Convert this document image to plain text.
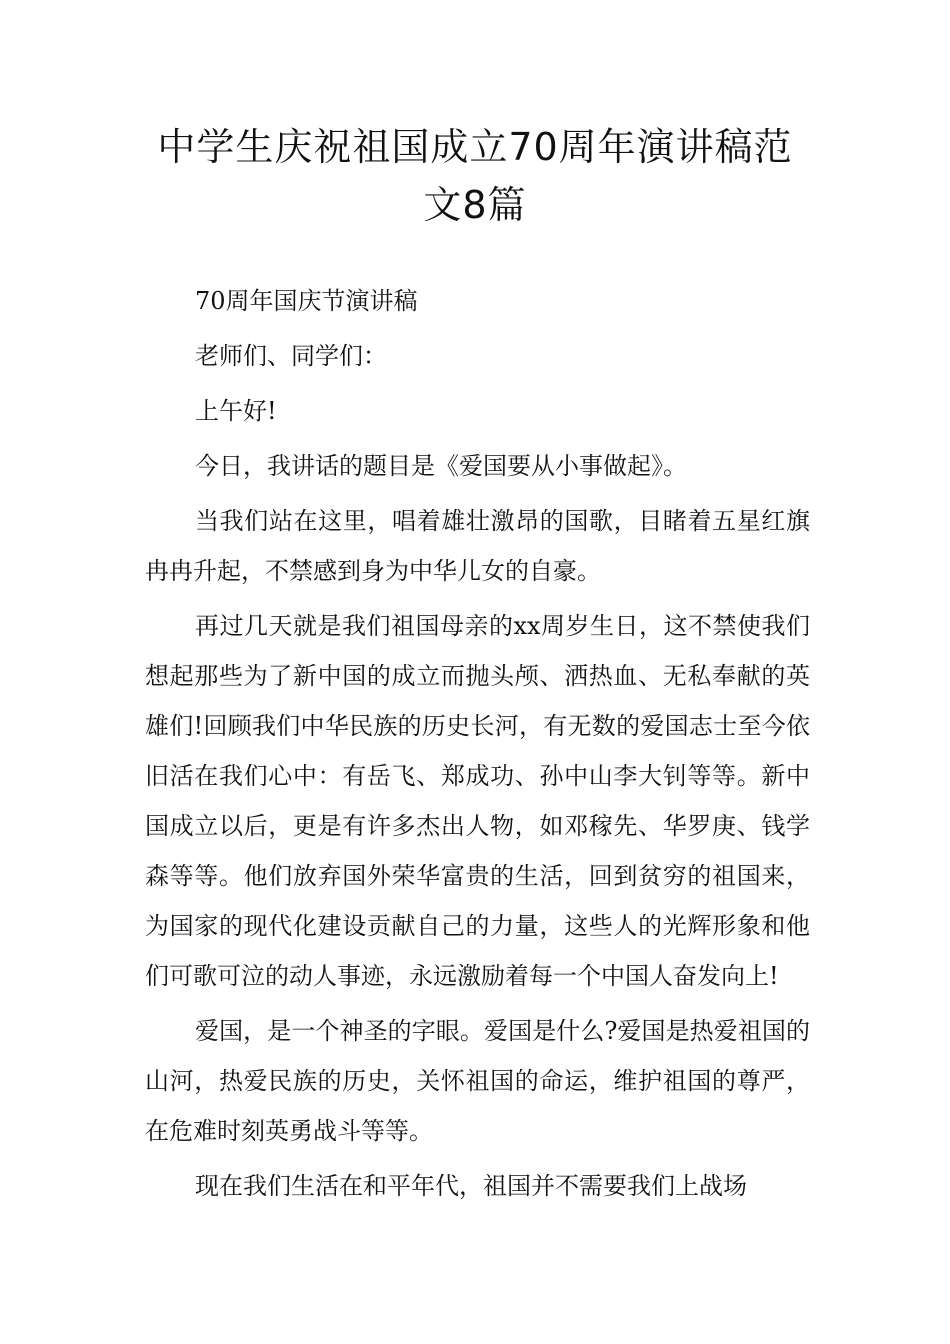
中学生庆祝祖国成立70周年演讲稿范
文8篇

70周年国庆节演讲稿

老师们、同学们：

上午好!

今日，我讲话的题目是《爱国要从小事做起》。

当我们站在这里，唱着雄壮激昂的国歌，目睹着五星红旗冉冉升起，不禁感到身为中华儿女的自豪。

再过几天就是我们祖国母亲的xx周岁生日，这不禁使我们想起那些为了新中国的成立而抛头颅、洒热血、无私奉献的英雄们!回顾我们中华民族的历史长河，有无数的爱国志士至今依旧活在我们心中：有岳飞、郑成功、孙中山李大钊等等。新中国成立以后，更是有许多杰出人物，如邓稼先、华罗庚、钱学森等等。他们放弃国外荣华富贵的生活，回到贫穷的祖国来，为国家的现代化建设贡献自己的力量，这些人的光辉形象和他们可歌可泣的动人事迹，永远激励着每一个中国人奋发向上!

爱国，是一个神圣的字眼。爱国是什么?爱国是热爱祖国的山河，热爱民族的历史，关怀祖国的命运，维护祖国的尊严，在危难时刻英勇战斗等等。

现在我们生活在和平年代，祖国并不需要我们上战场
